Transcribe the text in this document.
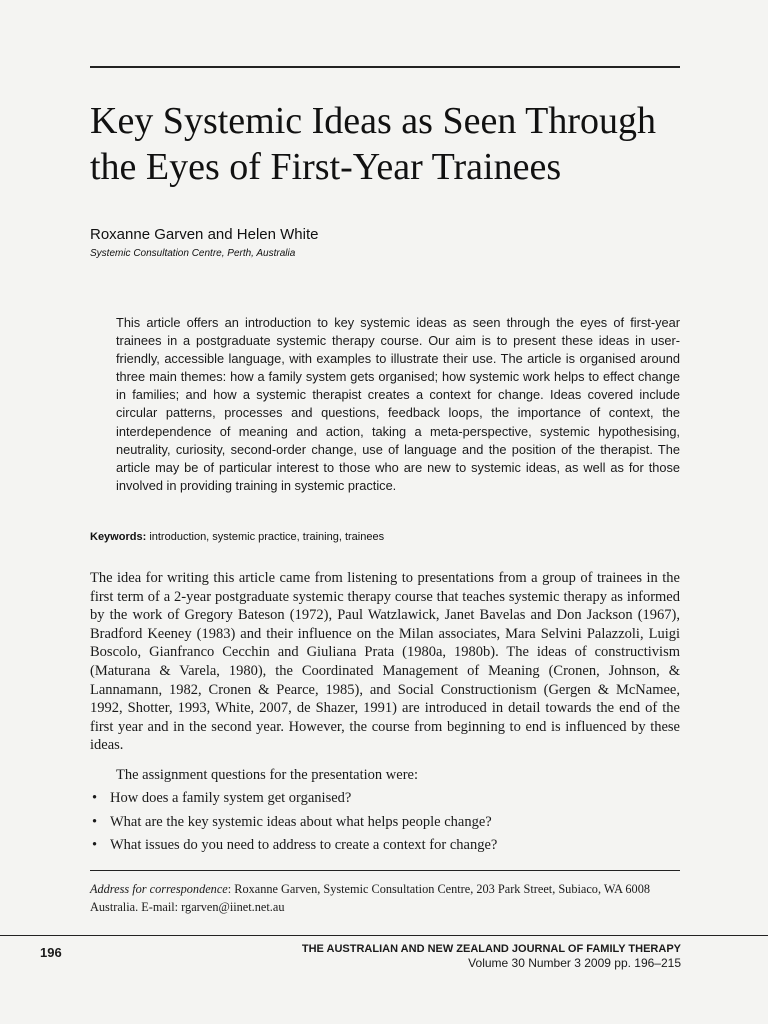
Key Systemic Ideas as Seen Through the Eyes of First-Year Trainees
Roxanne Garven and Helen White
Systemic Consultation Centre, Perth, Australia

This article offers an introduction to key systemic ideas as seen through the eyes of first-year trainees in a postgraduate systemic therapy course. Our aim is to present these ideas in user-friendly, accessible language, with examples to illustrate their use. The article is organised around three main themes: how a family system gets organised; how systemic work helps to effect change in families; and how a systemic therapist creates a context for change. Ideas covered include circular patterns, processes and questions, feedback loops, the importance of context, the interdependence of meaning and action, taking a meta-perspective, systemic hypothesising, neutrality, curiosity, second-order change, use of language and the position of the therapist. The article may be of particular interest to those who are new to systemic ideas, as well as for those involved in providing training in systemic practice.

Keywords: introduction, systemic practice, training, trainees

The idea for writing this article came from listening to presentations from a group of trainees in the first term of a 2-year postgraduate systemic therapy course that teaches systemic therapy as informed by the work of Gregory Bateson (1972), Paul Watzlawick, Janet Bavelas and Don Jackson (1967), Bradford Keeney (1983) and their influence on the Milan associates, Mara Selvini Palazzoli, Luigi Boscolo, Gianfranco Cecchin and Giuliana Prata (1980a, 1980b). The ideas of constructivism (Maturana & Varela, 1980), the Coordinated Management of Meaning (Cronen, Johnson, & Lannamann, 1982, Cronen & Pearce, 1985), and Social Constructionism (Gergen & McNamee, 1992, Shotter, 1993, White, 2007, de Shazer, 1991) are introduced in detail towards the end of the first year and in the second year. However, the course from beginning to end is influenced by these ideas.

The assignment questions for the presentation were:
• How does a family system get organised?
• What are the key systemic ideas about what helps people change?
• What issues do you need to address to create a context for change?

Address for correspondence: Roxanne Garven, Systemic Consultation Centre, 203 Park Street, Subiaco, WA 6008 Australia. E-mail: rgarven@iinet.net.au

196	THE AUSTRALIAN AND NEW ZEALAND JOURNAL OF FAMILY THERAPY
Volume 30 Number 3 2009 pp. 196–215
